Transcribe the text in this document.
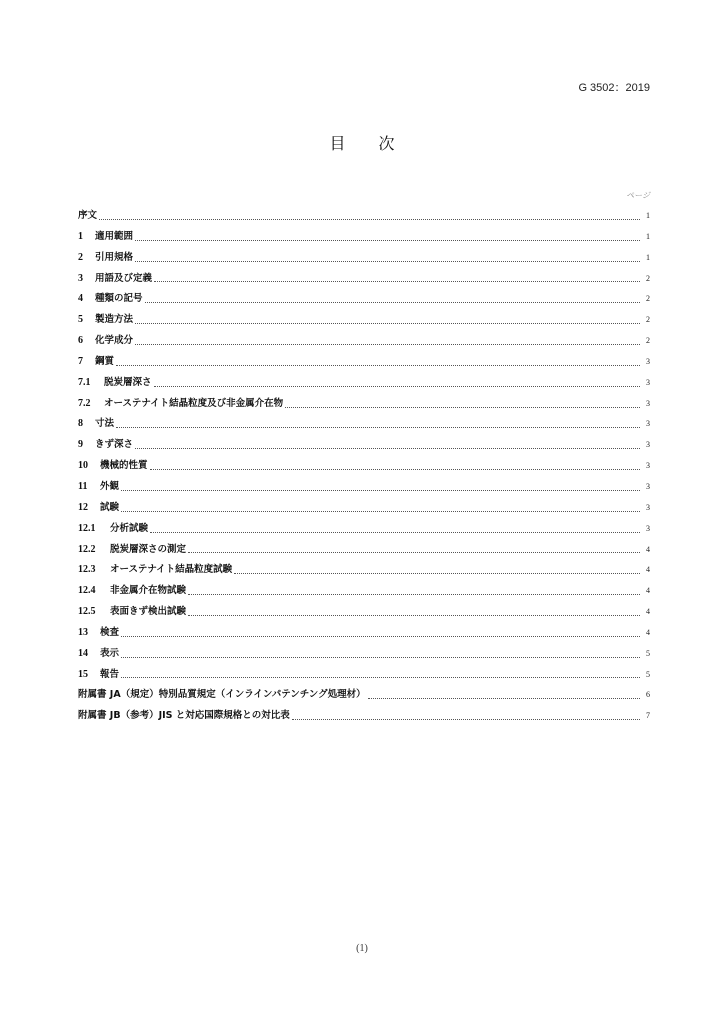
G 3502：2019
目 次
ページ
序文	1
1	適用範囲	1
2	引用規格	1
3	用語及び定義	2
4	種類の記号	2
5	製造方法	2
6	化学成分	2
7	鋼質	3
7.1	脱炭層深さ	3
7.2	オーステナイト結晶粒度及び非金属介在物	3
8	寸法	3
9	きず深さ	3
10	機械的性質	3
11	外観	3
12	試験	3
12.1	分析試験	3
12.2	脱炭層深さの測定	4
12.3	オーステナイト結晶粒度試験	4
12.4	非金属介在物試験	4
12.5	表面きず検出試験	4
13	検査	4
14	表示	5
15	報告	5
附属書 JA（規定）特別品質規定（インラインパテンチング処理材）	6
附属書 JB（参考）JIS と対応国際規格との対比表	7
(1)
